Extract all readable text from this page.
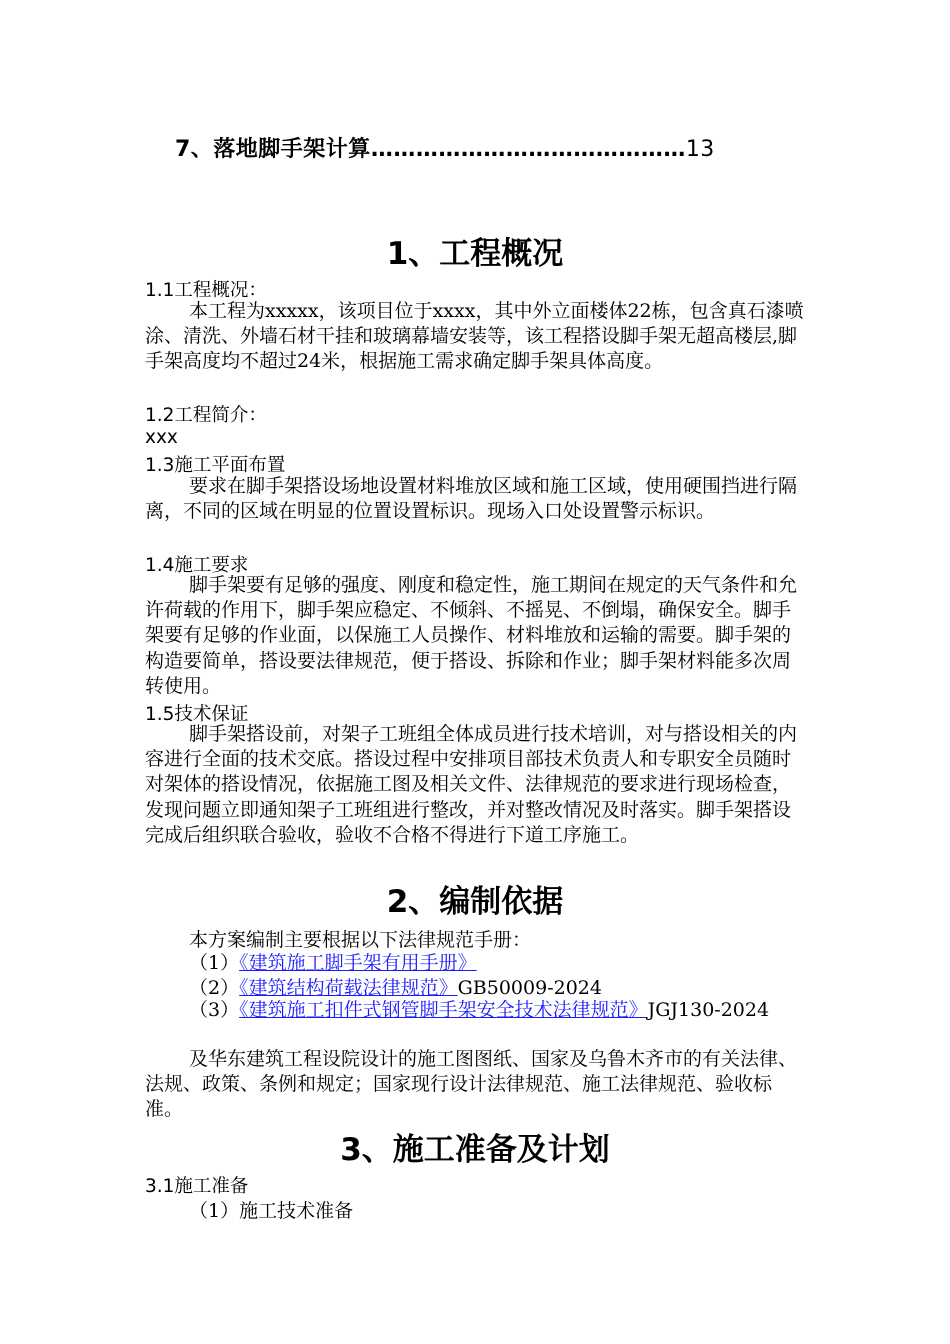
7、落地脚手架计算……………………………………13
1、工程概况
1.1工程概况：
本工程为xxxxx，该项目位于xxxx，其中外立面楼体22栋，包含真石漆喷涂、清洗、外墙石材干挂和玻璃幕墙安装等，该工程搭设脚手架无超高楼层,脚手架高度均不超过24米，根据施工需求确定脚手架具体高度。
1.2工程简介：
xxx
1.3施工平面布置
要求在脚手架搭设场地设置材料堆放区域和施工区域，使用硬围挡进行隔离，不同的区域在明显的位置设置标识。现场入口处设置警示标识。
1.4施工要求
脚手架要有足够的强度、刚度和稳定性，施工期间在规定的天气条件和允许荷载的作用下，脚手架应稳定、不倾斜、不摇晃、不倒塌，确保安全。脚手架要有足够的作业面，以保施工人员操作、材料堆放和运输的需要。脚手架的构造要简单，搭设要法律规范，便于搭设、拆除和作业；脚手架材料能多次周转使用。
1.5技术保证
脚手架搭设前，对架子工班组全体成员进行技术培训，对与搭设相关的内容进行全面的技术交底。搭设过程中安排项目部技术负责人和专职安全员随时对架体的搭设情况，依据施工图及相关文件、法律规范的要求进行现场检查，发现问题立即通知架子工班组进行整改，并对整改情况及时落实。脚手架搭设完成后组织联合验收，验收不合格不得进行下道工序施工。
2、编制依据
本方案编制主要根据以下法律规范手册：
（1）《建筑施工脚手架有用手册》
（2）《建筑结构荷载法律规范》GB50009-2024
（3）《建筑施工扣件式钢管脚手架安全技术法律规范》JGJ130-2024
及华东建筑工程设院设计的施工图图纸、国家及乌鲁木齐市的有关法律、法规、政策、条例和规定；国家现行设计法律规范、施工法律规范、验收标准。
3、施工准备及计划
3.1施工准备
（1）施工技术准备
